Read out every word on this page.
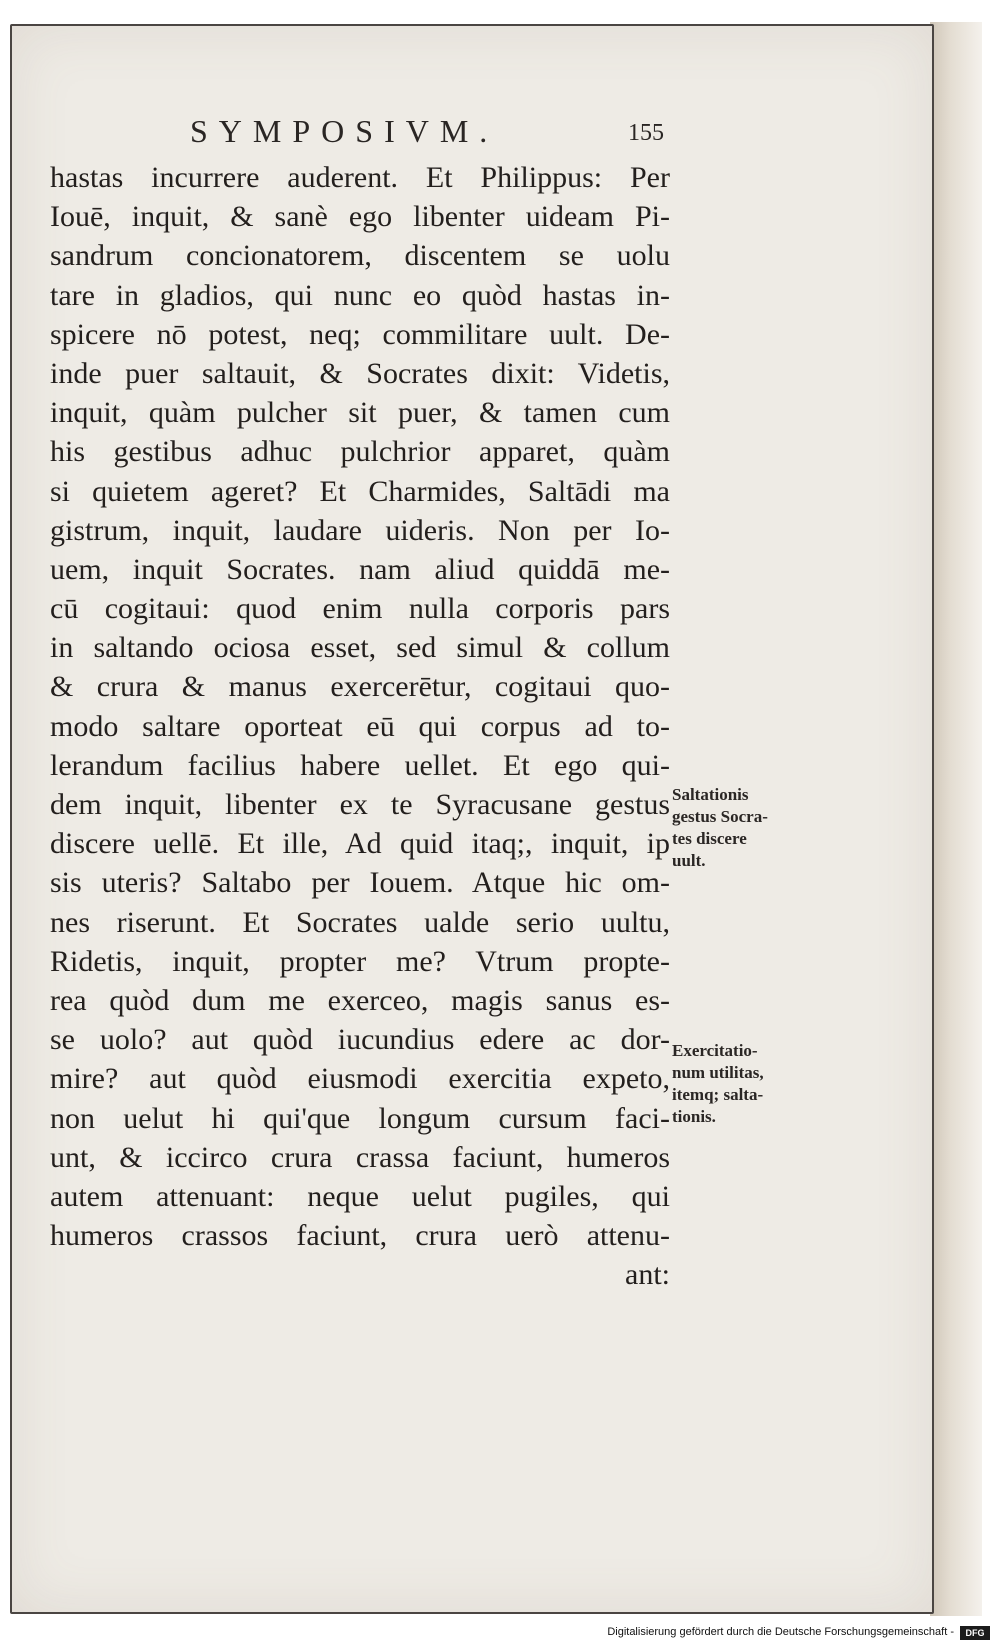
SYMPOSIVM.	155
hastas incurrere auderent. Et Philippus: Per
Iouē, inquit, & sanè ego libenter uideam Pi-
sandrum concionatorem, discentem se uolu
tare in gladios, qui nunc eo quòd hastas in-
spicere nō potest, neq; commilitare uult. De-
inde puer saltauit, & Socrates dixit: Videtis,
inquit, quàm pulcher sit puer, & tamen cum
his gestibus adhuc pulchrior apparet, quàm
si quietem ageret? Et Charmides, Saltādi ma
gistrum, inquit, laudare uideris. Non per Io-
uem, inquit Socrates. nam aliud quiddā me-
cū cogitaui: quod enim nulla corporis pars
in saltando ociosa esset, sed simul & collum
& crura & manus exercerētur, cogitaui quo-
modo saltare oporteat eū qui corpus ad to-
lerandum facilius habere uellet. Et ego qui-
dem inquit, libenter ex te Syracusane gestus
discere uellē. Et ille, Ad quid itaq;, inquit, ip
sis uteris? Saltabo per Iouem. Atque hic om-
nes riserunt. Et Socrates ualde serio uultu,
Ridetis, inquit, propter me? Vtrum propte-
rea quòd dum me exerceo, magis sanus es-
se uolo? aut quòd iucundius edere ac dor-
mire? aut quòd eiusmodi exercitia expeto,
non uelut hi qui'que longum cursum faci-
unt, & iccirco crura crassa faciunt, humeros
autem attenuant: neque uelut pugiles, qui
humeros crassos faciunt, crura uerò attenu-
ant:
Saltationis
gestus Socra-
tes discere
uult.
Exercitatio-
num utilitas,
itemq; salta-
tionis.
Digitalisierung gefördert durch die Deutsche Forschungsgemeinschaft -	DFG
